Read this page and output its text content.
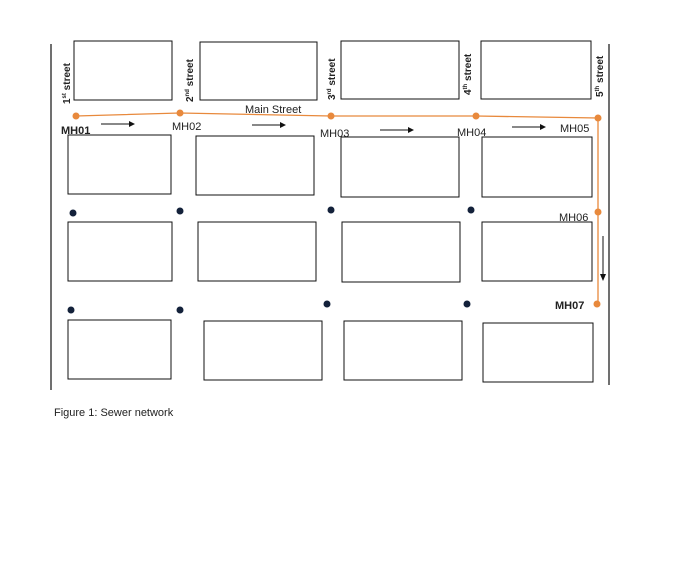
MH01	MH02
MH03	MH04	MH05
MH06
MH07
Main Street
1st street
2nd street
3rd street
4th street
5th street
Figure 1: Sewer network
